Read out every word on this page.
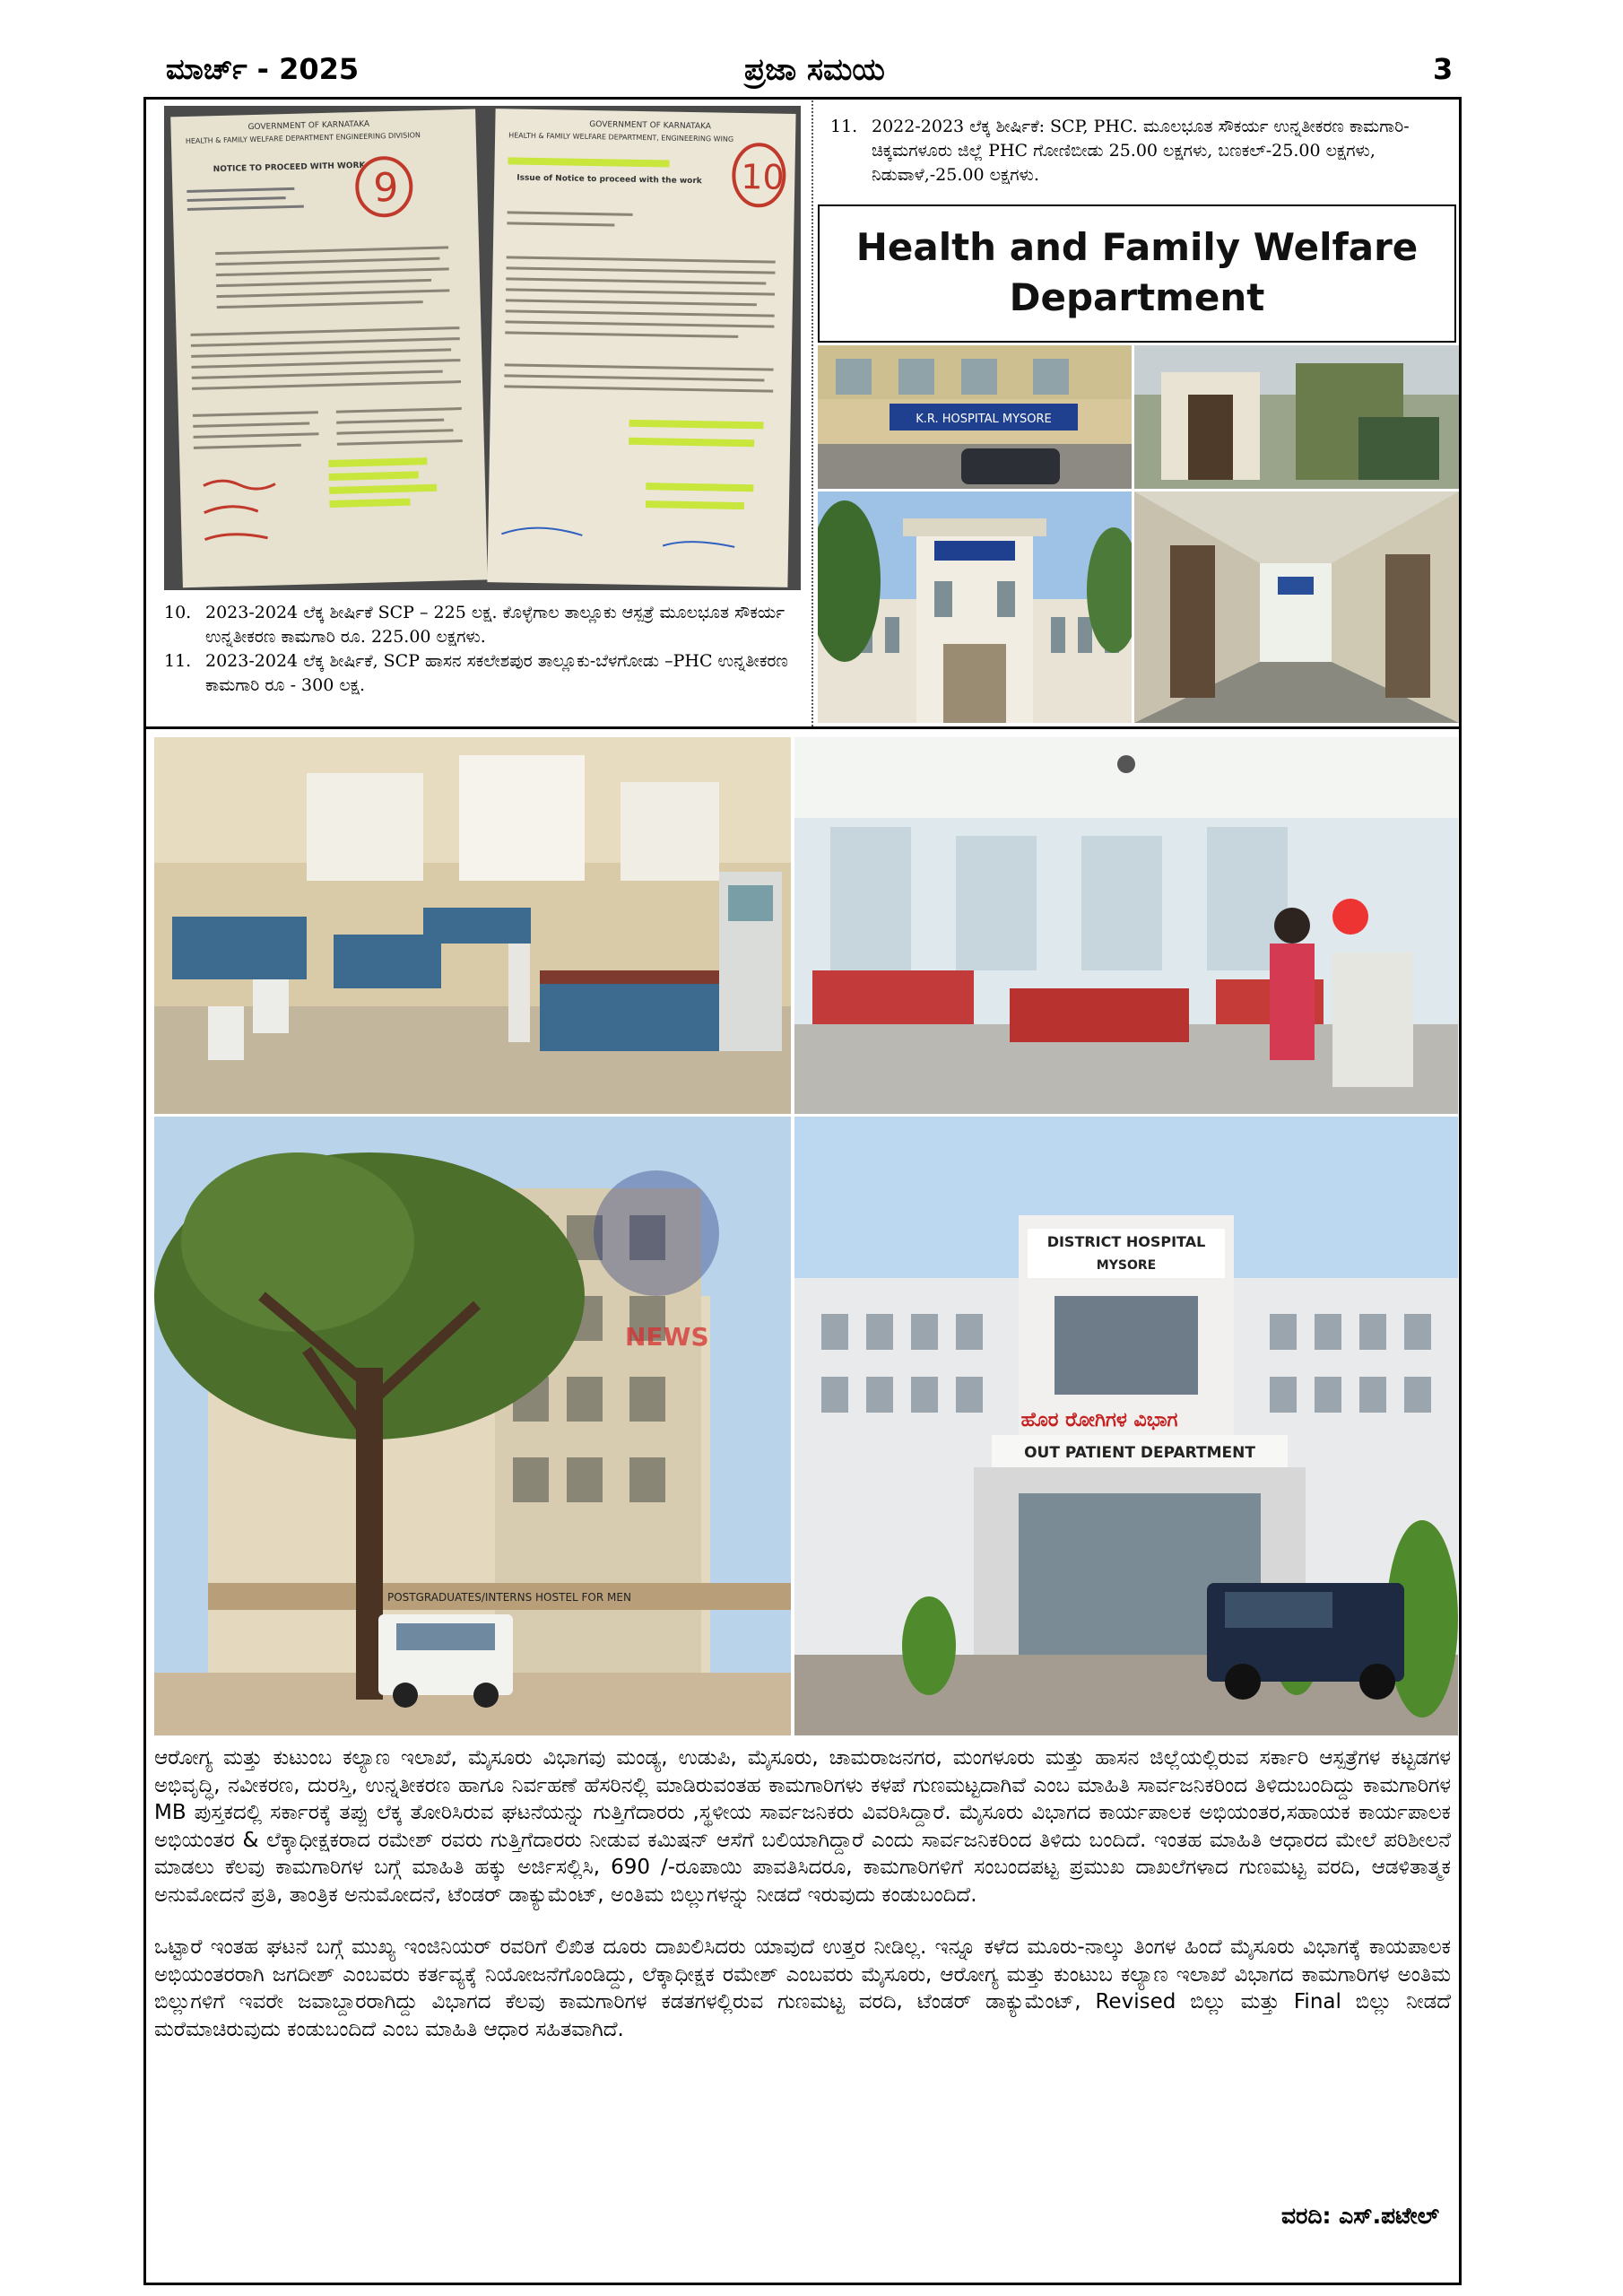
ಮಾರ್ಚ್ - 2025	ಪ್ರಜಾ ಸಮಯ	3
GOVERNMENT OF KARNATAKA
HEALTH & FAMILY WELFARE DEPARTMENT ENGINEERING DIVISION
NOTICE TO PROCEED WITH WORK 9
GOVERNMENT OF KARNATAKA
HEALTH & FAMILY WELFARE DEPARTMENT, ENGINEERING WING
Issue of Notice to proceed with the work 10
10. 2023-2024 ಲೆಕ್ಕ ಶೀರ್ಷಿಕೆ SCP – 225 ಲಕ್ಷ. ಕೊಳ್ಳೆಗಾಲ ತಾಲ್ಲೂಕು ಆಸ್ಪತ್ರೆ ಮೂಲಭೂತ ಸೌಕರ್ಯ ಉನ್ನತೀಕರಣ ಕಾಮಗಾರಿ ರೂ. 225.00 ಲಕ್ಷಗಳು.
11. 2023-2024 ಲೆಕ್ಕ ಶೀರ್ಷಿಕೆ, SCP ಹಾಸನ ಸಕಲೇಶಪುರ ತಾಲ್ಲೂಕು-ಬೆಳಗೋಡು –PHC ಉನ್ನತೀಕರಣ ಕಾಮಗಾರಿ ರೂ - 300 ಲಕ್ಷ.
11. 2022-2023 ಲೆಕ್ಕ ಶೀರ್ಷಿಕೆ: SCP, PHC. ಮೂಲಭೂತ ಸೌಕರ್ಯ ಉನ್ನತೀಕರಣ ಕಾಮಗಾರಿ- ಚಿಕ್ಕಮಗಳೂರು ಜಿಲ್ಲೆ PHC ಗೋಣಿಬೀಡು 25.00 ಲಕ್ಷಗಳು, ಬಣಕಲ್-25.00 ಲಕ್ಷಗಳು, ನಿಡುವಾಳೆ,-25.00 ಲಕ್ಷಗಳು.
Health and Family Welfare
Department
K.R. HOSPITAL MYSORE
POSTGRADUATES/INTERNS HOSTEL FOR MEN
NEWS
DISTRICT HOSPITAL
MYSORE
ಹೊರ ರೋಗಿಗಳ ವಿಭಾಗ
OUT PATIENT DEPARTMENT

ಆರೋಗ್ಯ ಮತ್ತು ಕುಟುಂಬ ಕಲ್ಯಾಣ ಇಲಾಖೆ, ಮೈಸೂರು ವಿಭಾಗವು ಮಂಡ್ಯ, ಉಡುಪಿ, ಮೈಸೂರು, ಚಾಮರಾಜನಗರ, ಮಂಗಳೂರು ಮತ್ತು ಹಾಸನ ಜಿಲ್ಲೆಯಲ್ಲಿರುವ ಸರ್ಕಾರಿ ಆಸ್ಪತ್ರೆಗಳ ಕಟ್ಟಡಗಳ ಅಭಿವೃದ್ಧಿ, ನವೀಕರಣ, ದುರಸ್ತಿ, ಉನ್ನತೀಕರಣ ಹಾಗೂ ನಿರ್ವಹಣೆ ಹೆಸರಿನಲ್ಲಿ ಮಾಡಿರುವಂತಹ ಕಾಮಗಾರಿಗಳು ಕಳಪೆ ಗುಣಮಟ್ಟದಾಗಿವೆ ಎಂಬ ಮಾಹಿತಿ ಸಾರ್ವಜನಿಕರಿಂದ ತಿಳಿದುಬಂದಿದ್ದು ಕಾಮಗಾರಿಗಳ MB ಪುಸ್ತಕದಲ್ಲಿ ಸರ್ಕಾರಕ್ಕೆ ತಪ್ಪು ಲೆಕ್ಕ ತೋರಿಸಿರುವ ಘಟನೆಯನ್ನು ಗುತ್ತಿಗೆದಾರರು ,ಸ್ಥಳೀಯ ಸಾರ್ವಜನಿಕರು ವಿವರಿಸಿದ್ದಾರೆ. ಮೈಸೂರು ವಿಭಾಗದ ಕಾರ್ಯಪಾಲಕ ಅಭಿಯಂತರ,ಸಹಾಯಕ ಕಾರ್ಯಪಾಲಕ ಅಭಿಯಂತರ & ಲೆಕ್ಕಾಧೀಕ್ಷಕರಾದ ರಮೇಶ್ ರವರು ಗುತ್ತಿಗೆದಾರರು ನೀಡುವ ಕಮಿಷನ್ ಆಸೆಗೆ ಬಲಿಯಾಗಿದ್ದಾರೆ ಎಂದು ಸಾರ್ವಜನಿಕರಿಂದ ತಿಳಿದು ಬಂದಿದೆ. ಇಂತಹ ಮಾಹಿತಿ ಆಧಾರದ ಮೇಲೆ ಪರಿಶೀಲನೆ ಮಾಡಲು ಕೆಲವು ಕಾಮಗಾರಿಗಳ ಬಗ್ಗೆ ಮಾಹಿತಿ ಹಕ್ಕು ಅರ್ಜಿಸಲ್ಲಿಸಿ, 690 /-ರೂಪಾಯಿ ಪಾವತಿಸಿದರೂ, ಕಾಮಗಾರಿಗಳಿಗೆ ಸಂಬಂದಪಟ್ಟ ಪ್ರಮುಖ ದಾಖಲೆಗಳಾದ ಗುಣಮಟ್ಟ ವರದಿ, ಆಡಳಿತಾತ್ಮಕ ಅನುಮೋದನೆ ಪ್ರತಿ, ತಾಂತ್ರಿಕ ಅನುಮೋದನೆ, ಟೆಂಡರ್ ಡಾಕ್ಯುಮೆಂಟ್, ಅಂತಿಮ ಬಿಲ್ಲುಗಳನ್ನು ನೀಡದೆ ಇರುವುದು ಕಂಡುಬಂದಿದೆ.

ಒಟ್ಟಾರೆ ಇಂತಹ ಘಟನೆ ಬಗ್ಗೆ ಮುಖ್ಯ ಇಂಜಿನಿಯರ್ ರವರಿಗೆ ಲಿಖಿತ ದೂರು ದಾಖಲಿಸಿದರು ಯಾವುದೆ ಉತ್ತರ ನೀಡಿಲ್ಲ. ಇನ್ನೂ ಕಳೆದ ಮೂರು-ನಾಲ್ಕು ತಿಂಗಳ ಹಿಂದೆ ಮೈಸೂರು ವಿಭಾಗಕ್ಕೆ ಕಾಯಪಾಲಕ ಅಭಿಯಂತರರಾಗಿ ಜಗದೀಶ್ ಎಂಬವರು ಕರ್ತವ್ಯಕ್ಕೆ ನಿಯೋಜನೆಗೊಂಡಿದ್ದು, ಲೆಕ್ಕಾಧೀಕ್ಷಕ ರಮೇಶ್ ಎಂಬವರು ಮೈಸೂರು, ಆರೋಗ್ಯ ಮತ್ತು ಕುಂಟುಬ ಕಲ್ಯಾಣ ಇಲಾಖೆ ವಿಭಾಗದ ಕಾಮಗಾರಿಗಳ ಅಂತಿಮ ಬಿಲ್ಲುಗಳಿಗೆ ಇವರೇ ಜವಾಬ್ದಾರರಾಗಿದ್ದು ವಿಭಾಗದ ಕೆಲವು ಕಾಮಗಾರಿಗಳ ಕಡತಗಳಲ್ಲಿರುವ ಗುಣಮಟ್ಟ ವರದಿ, ಟೆಂಡರ್ ಡಾಕ್ಯುಮೆಂಟ್, Revised ಬಿಲ್ಲು ಮತ್ತು Final ಬಿಲ್ಲು ನೀಡದೆ ಮರೆಮಾಚಿರುವುದು ಕಂಡುಬಂದಿದೆ ಎಂಬ ಮಾಹಿತಿ ಆಧಾರ ಸಹಿತವಾಗಿದೆ.

ವರದಿ: ಎಸ್.ಪಟೇಲ್
